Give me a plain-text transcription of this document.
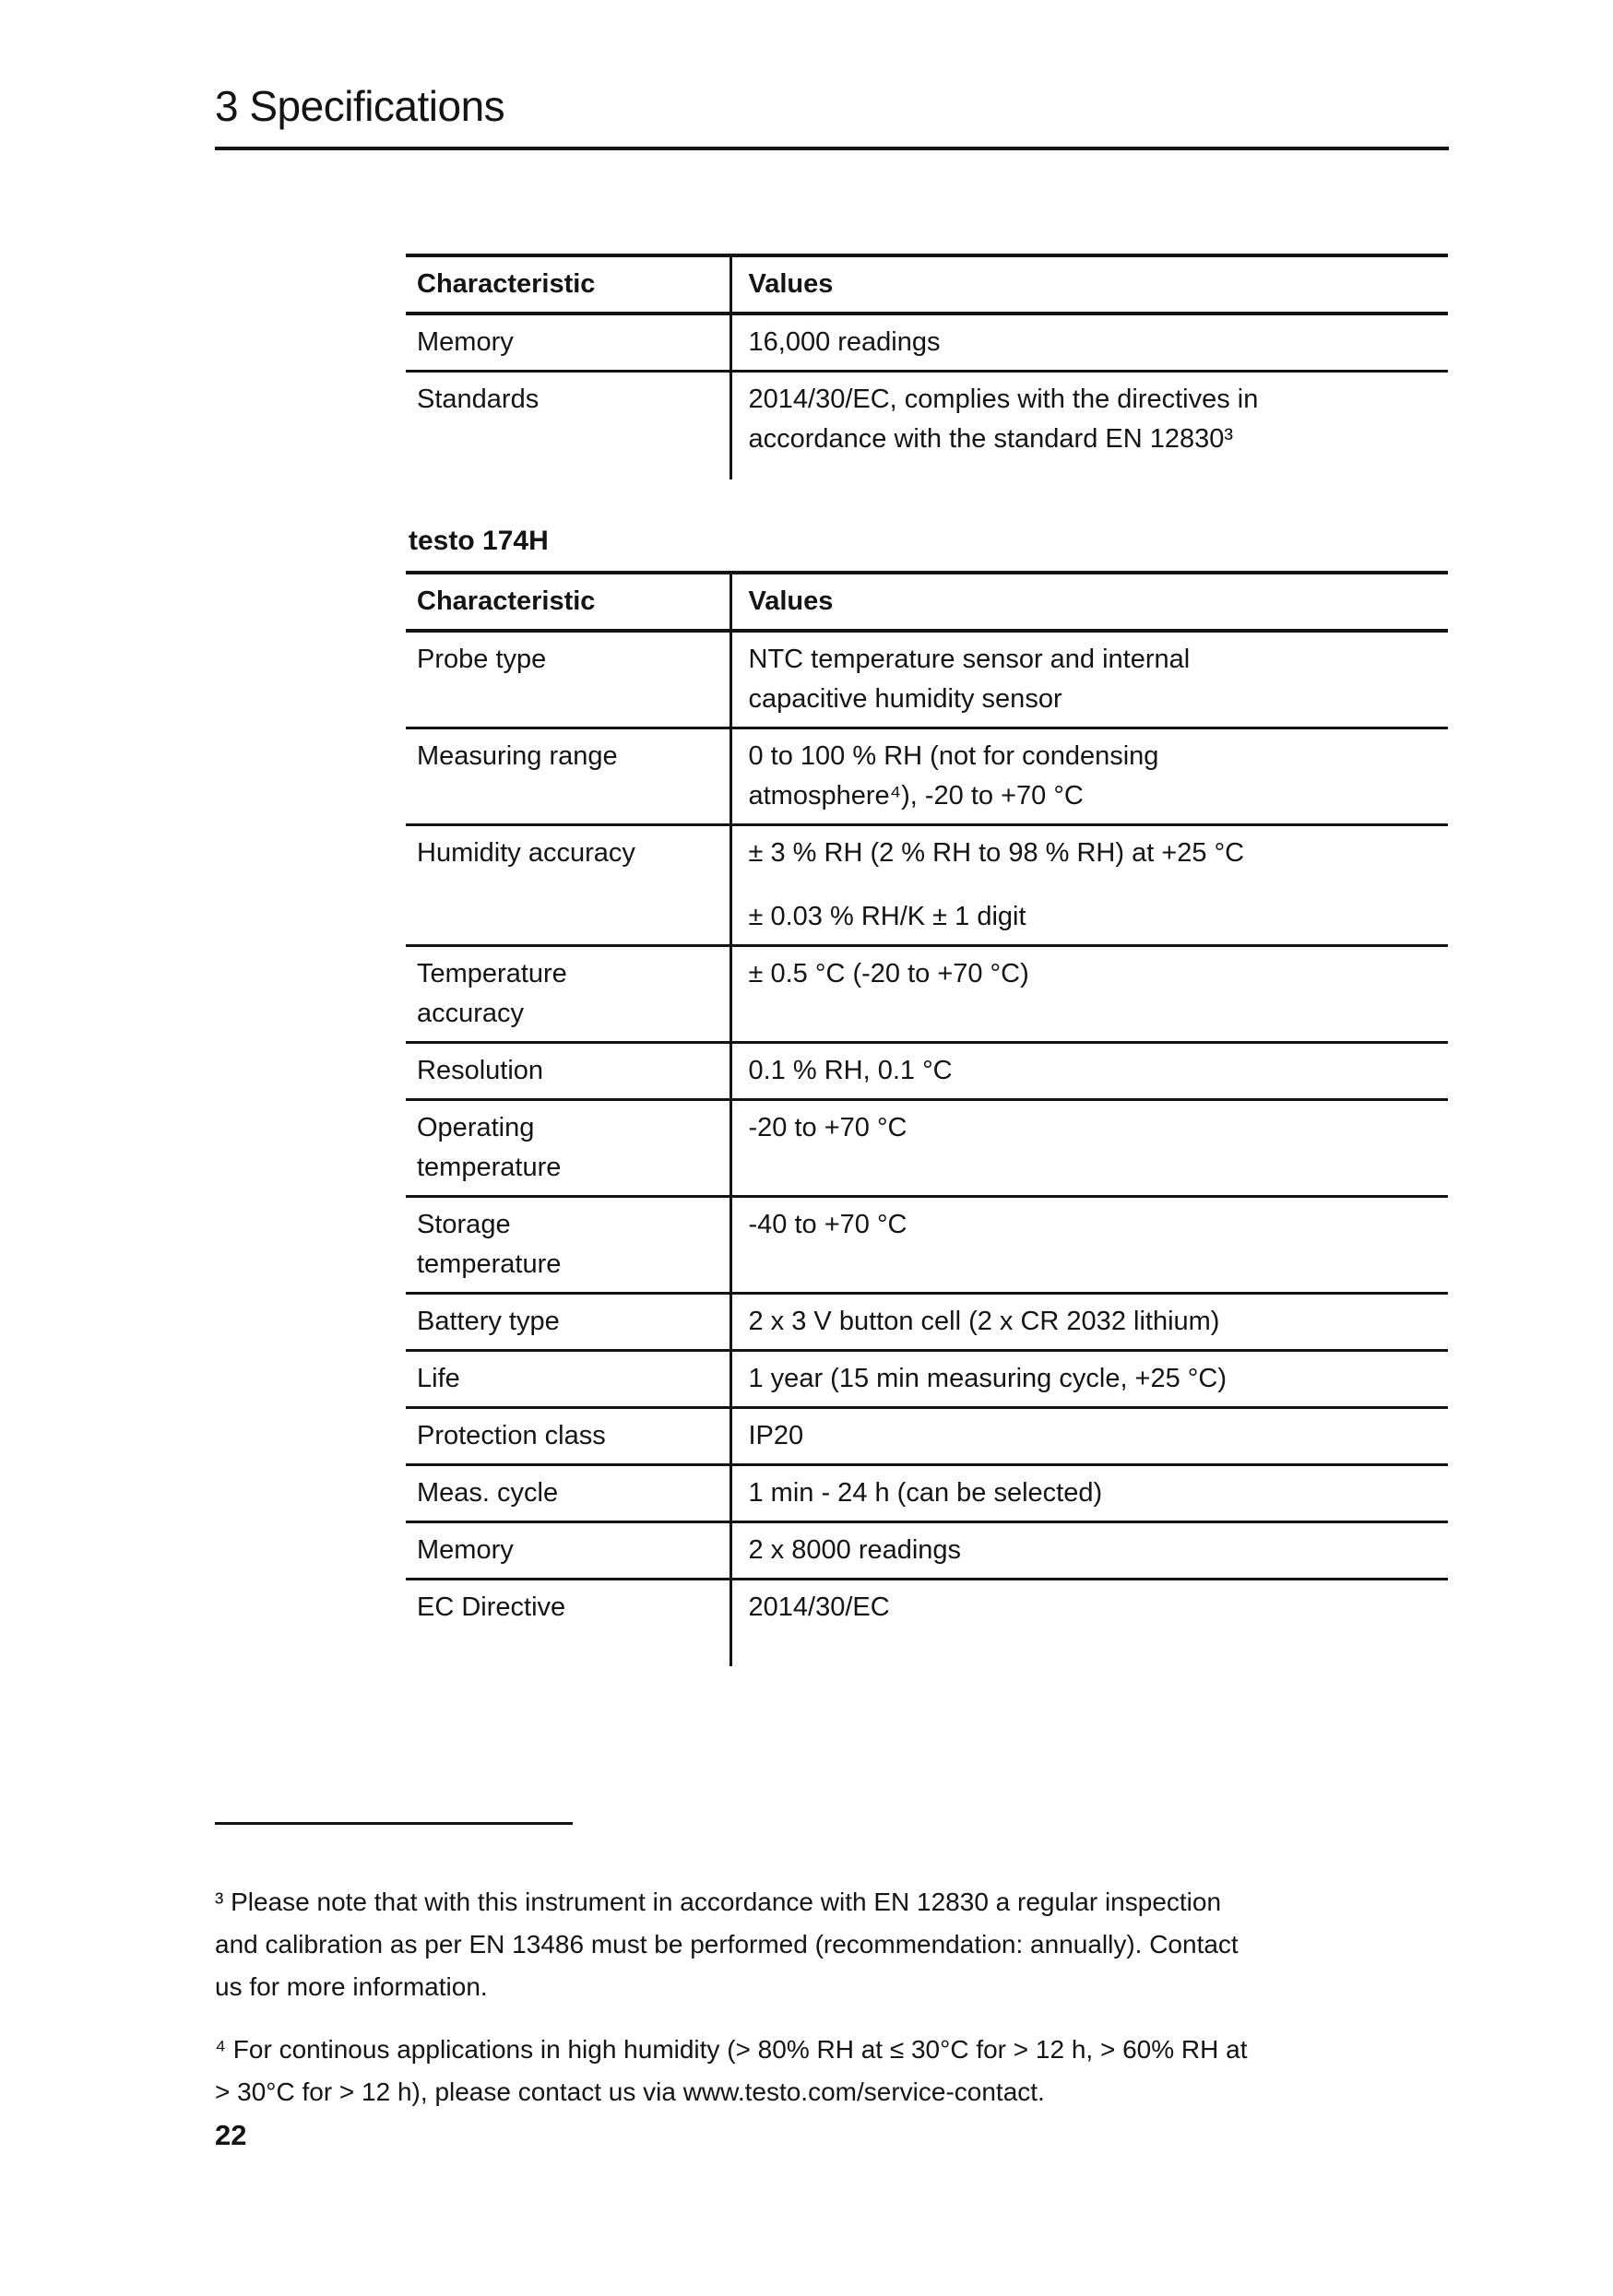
3 Specifications
Characteristic	Values

Memory	16,000 readings

Standards	2014/30/EC, complies with the directives in
accordance with the standard EN 12830³
testo 174H
Characteristic	Values

Probe type	NTC temperature sensor and internal
capacitive humidity sensor

Measuring range	0 to 100 % RH (not for condensing
atmosphere⁴), -20 to +70 °C

Humidity accuracy	± 3 % RH (2 % RH to 98 % RH) at +25 °C
± 0.03 % RH/K ± 1 digit

Temperature
accuracy	± 0.5 °C (-20 to +70 °C)

Resolution	0.1 % RH, 0.1 °C

Operating
temperature	-20 to +70 °C

Storage
temperature	-40 to +70 °C

Battery type	2 x 3 V button cell (2 x CR 2032 lithium)

Life	1 year (15 min measuring cycle, +25 °C)

Protection class	IP20

Meas. cycle	1 min - 24 h (can be selected)

Memory	2 x 8000 readings

EC Directive	2014/30/EC
³ Please note that with this instrument in accordance with EN 12830 a regular inspection
and calibration as per EN 13486 must be performed (recommendation: annually). Contact
us for more information.
⁴ For continous applications in high humidity (> 80% RH at ≤ 30°C for > 12 h, > 60% RH at
> 30°C for > 12 h), please contact us via www.testo.com/service-contact.
22
